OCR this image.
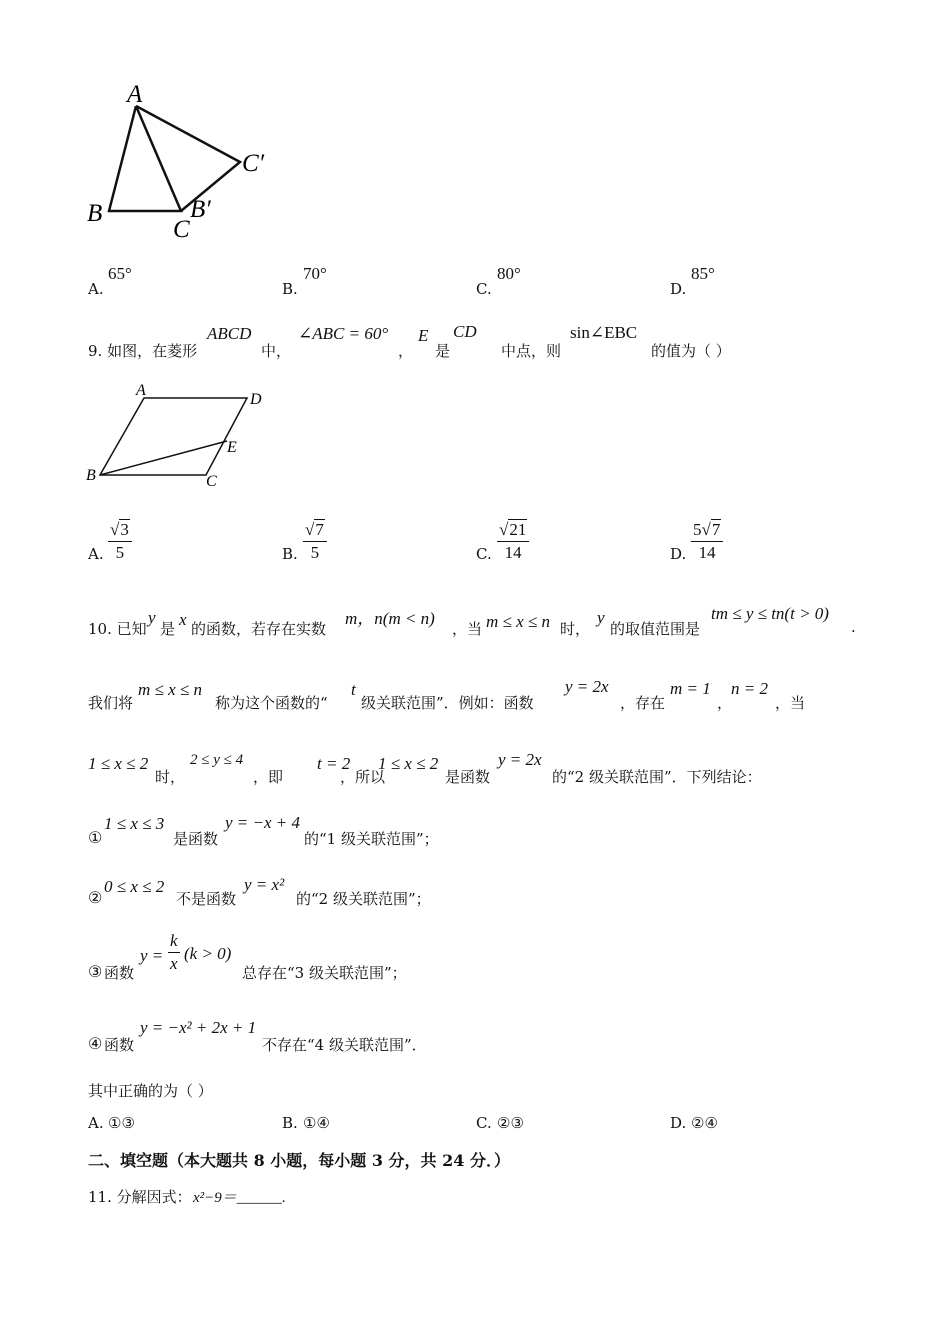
A
B
C
B′
C′
A.
65°
B.
70°
C.
80°
D.
85°
9. 如图，在菱形
ABCD
中，
∠ABC = 60°
，
E
是
CD
中点，则
sin∠EBC
的值为（ ）
A
D
E
B	C
A. $\frac{√3}{5}$	B. $\frac{√7}{5}$	C. $\frac{√21}{14}$	D. $\frac{5√7}{14}$
10. 已知
y
是 x 的函数，若存在实数
m，n(m < n)
，当 m ≤ x ≤ n 时，
y
的取值范围是
tm ≤ y ≤ tn(t > 0)
.
我们将
m ≤ x ≤ n
称为这个函数的“
t
级关联范围”．例如：函数
y = 2x
，存在
m = 1
，
n = 2
，当
1 ≤ x ≤ 2
时，
2 ≤ y ≤ 4
，即
t = 2
，所以
1 ≤ x ≤ 2
是函数
y = 2x
的“2 级关联范围”．下列结论：
①
1 ≤ x ≤ 3
是函数
y = −x + 4
的“1 级关联范围”；
②
0 ≤ x ≤ 2
不是函数
y = x²
的“2 级关联范围”；
③ 函数
$y = \frac{k}{x} (k > 0)$
总存在“3 级关联范围”；
④ 函数
y = −x² + 2x + 1
不存在“4 级关联范围”．
其中正确的为（ ）
A. ①③	B. ①④	C. ②③	D. ②④
二、填空题（本大题共 8 小题，每小题 3 分，共 24 分．）
11. 分解因式： x²−9＝______.
